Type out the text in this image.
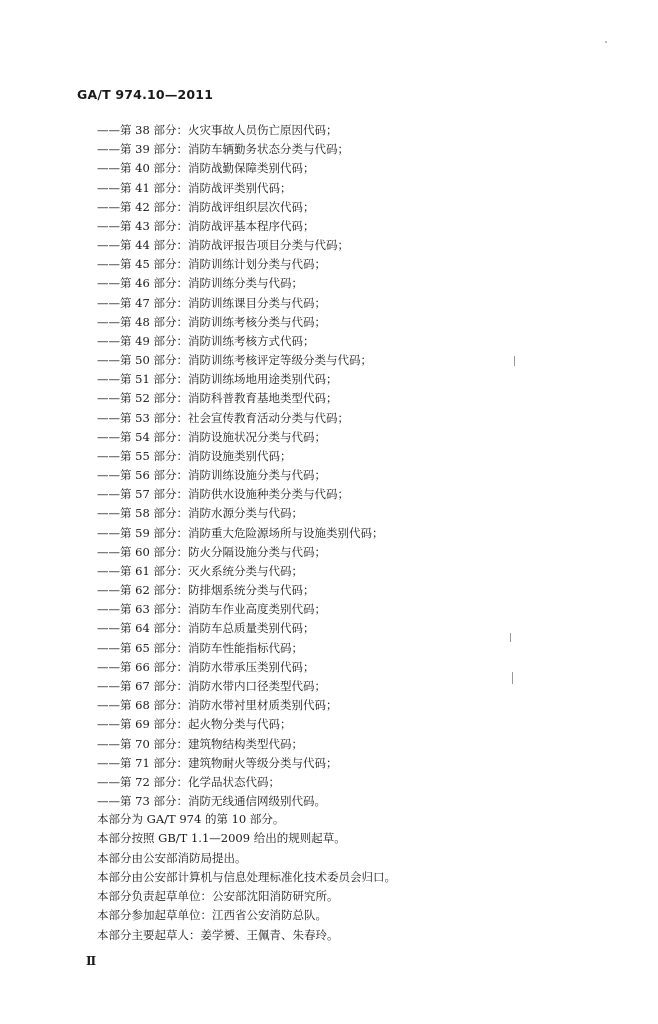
GA/T 974.10—2011
——第 38 部分：火灾事故人员伤亡原因代码；
——第 39 部分：消防车辆勤务状态分类与代码；
——第 40 部分：消防战勤保障类别代码；
——第 41 部分：消防战评类别代码；
——第 42 部分：消防战评组织层次代码；
——第 43 部分：消防战评基本程序代码；
——第 44 部分：消防战评报告项目分类与代码；
——第 45 部分：消防训练计划分类与代码；
——第 46 部分：消防训练分类与代码；
——第 47 部分：消防训练课目分类与代码；
——第 48 部分：消防训练考核分类与代码；
——第 49 部分：消防训练考核方式代码；
——第 50 部分：消防训练考核评定等级分类与代码；
——第 51 部分：消防训练场地用途类别代码；
——第 52 部分：消防科普教育基地类型代码；
——第 53 部分：社会宣传教育活动分类与代码；
——第 54 部分：消防设施状况分类与代码；
——第 55 部分：消防设施类别代码；
——第 56 部分：消防训练设施分类与代码；
——第 57 部分：消防供水设施种类分类与代码；
——第 58 部分：消防水源分类与代码；
——第 59 部分：消防重大危险源场所与设施类别代码；
——第 60 部分：防火分隔设施分类与代码；
——第 61 部分：灭火系统分类与代码；
——第 62 部分：防排烟系统分类与代码；
——第 63 部分：消防车作业高度类别代码；
——第 64 部分：消防车总质量类别代码；
——第 65 部分：消防车性能指标代码；
——第 66 部分：消防水带承压类别代码；
——第 67 部分：消防水带内口径类型代码；
——第 68 部分：消防水带衬里材质类别代码；
——第 69 部分：起火物分类与代码；
——第 70 部分：建筑物结构类型代码；
——第 71 部分：建筑物耐火等级分类与代码；
——第 72 部分：化学品状态代码；
——第 73 部分：消防无线通信网级别代码。

本部分为 GA/T 974 的第 10 部分。

本部分按照 GB/T 1.1—2009 给出的规则起草。

本部分由公安部消防局提出。

本部分由公安部计算机与信息处理标准化技术委员会归口。

本部分负责起草单位：公安部沈阳消防研究所。

本部分参加起草单位：江西省公安消防总队。

本部分主要起草人：姜学赟、王佩青、朱春玲。

Ⅱ
